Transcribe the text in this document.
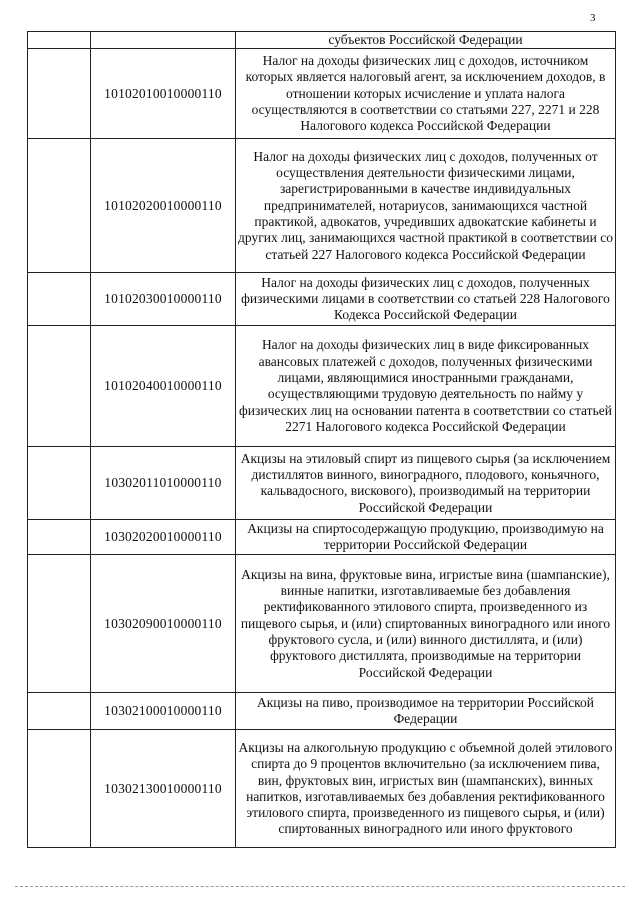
3
		субъектов Российской Федерации
	10102010010000110	Налог на доходы физических лиц с доходов, источником которых является налоговый агент, за исключением доходов, в отношении которых исчисление и уплата налога осуществляются в соответствии со статьями 227, 2271 и 228 Налогового кодекса Российской Федерации
	10102020010000110	Налог на доходы физических лиц с доходов, полученных от осуществления деятельности физическими лицами, зарегистрированными в качестве индивидуальных предпринимателей, нотариусов, занимающихся частной практикой, адвокатов, учредивших адвокатские кабинеты и других лиц, занимающихся частной практикой в соответствии со статьей 227 Налогового кодекса Российской Федерации
	10102030010000110	Налог на доходы физических лиц с доходов, полученных физическими лицами в соответствии со статьей 228 Налогового Кодекса Российской Федерации
	10102040010000110	Налог на доходы физических лиц в виде фиксированных авансовых платежей с доходов, полученных физическими лицами, являющимися иностранными гражданами, осуществляющими трудовую деятельность по найму у физических лиц на основании патента в соответствии со статьей 2271 Налогового кодекса Российской Федерации
	10302011010000110	Акцизы на этиловый спирт из пищевого сырья (за исключением дистиллятов винного, виноградного, плодового, коньячного, кальвадосного, вискового), производимый на территории Российской Федерации
	10302020010000110	Акцизы на спиртосодержащую продукцию, производимую на территории Российской Федерации
	10302090010000110	Акцизы на вина, фруктовые вина, игристые вина (шампанские), винные напитки, изготавливаемые без добавления ректификованного этилового спирта, произведенного из пищевого сырья, и (или) спиртованных виноградного или иного фруктового сусла, и (или) винного дистиллята, и (или) фруктового дистиллята, производимые на территории Российской Федерации
	10302100010000110	Акцизы на пиво, производимое на территории Российской Федерации
	10302130010000110	Акцизы на алкогольную продукцию с объемной долей этилового спирта до 9 процентов включительно (за исключением пива, вин, фруктовых вин, игристых вин (шампанских), винных напитков, изготавливаемых без добавления ректификованного этилового спирта, произведенного из пищевого сырья, и (или) спиртованных виноградного или иного фруктового
